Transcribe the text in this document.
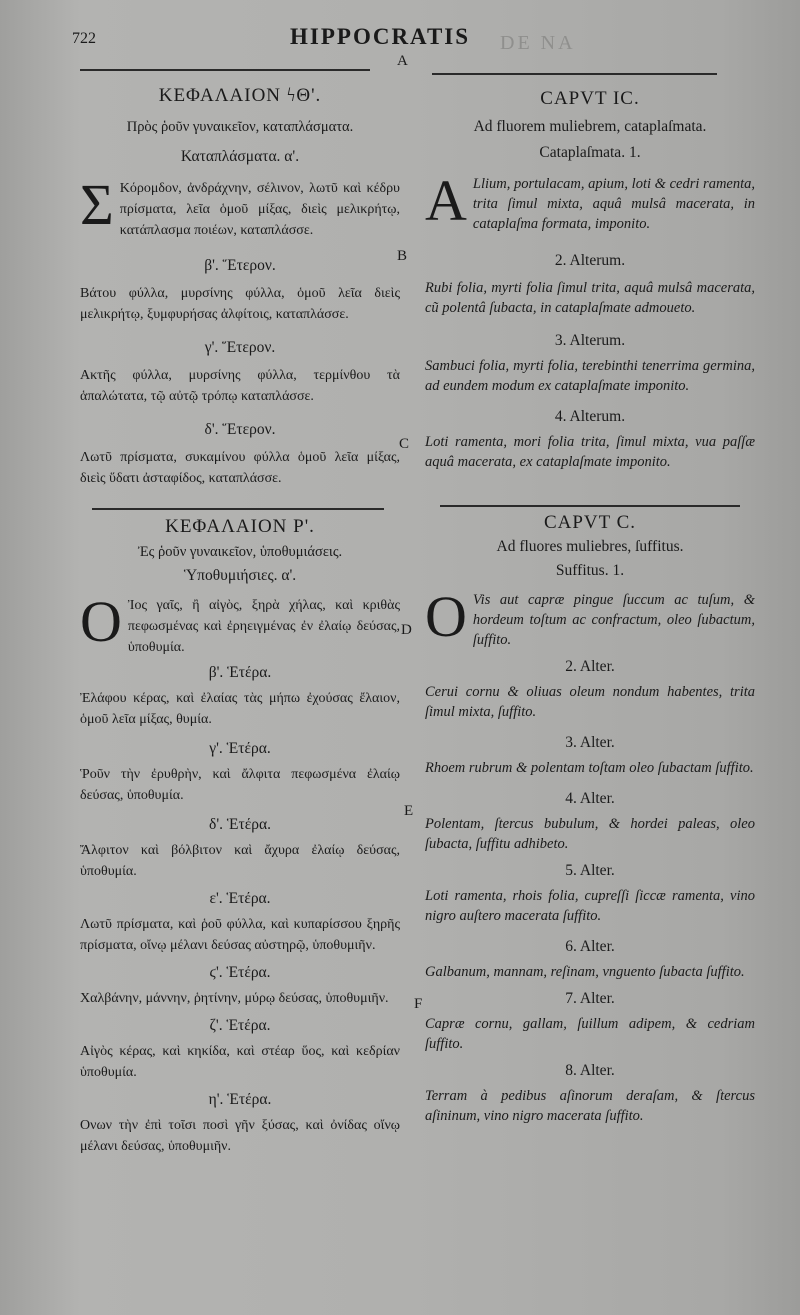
722	HIPPOCRATIS DE NA
A
B
C
D
E
F
ΚΕΦΑΛΑΙΟΝ ϟΘ'.
Πρὸς ῥοῦν γυναικεῖον, καταπλάσματα.
Καταπλάσματα. α'.
Σ Κόρομδον, ἀνδράχνην, σέλινον, λωτῦ καὶ κέδρυ πρίσματα, λεῖα ὁμοῦ μίξας, διεὶς μελικρήτῳ, κατάπλασμα ποιέων, καταπλάσσε.
β'. Ἕτερον.
Βάτου φύλλα, μυρσίνης φύλλα, ὁμοῦ λεῖα διεὶς μελικρήτῳ, ξυμφυρήσας ἀλφίτοις, καταπλάσσε.
γ'. Ἕτερον.
Ακτῆς φύλλα, μυρσίνης φύλλα, τερμίνθου τὰ ἁπαλώτατα, τῷ αὐτῷ τρόπῳ καταπλάσσε.
δ'. Ἕτερον.
Λωτῦ πρίσματα, συκαμίνου φύλλα ὁμοῦ λεῖα μίξας, διεὶς ὕδατι ἀσταφίδος, καταπλάσσε.
ΚΕΦΑΛΑΙΟΝ Ρ'.
Ἐς ῥοῦν γυναικεῖον, ὑποθυμιάσεις.
Ὑποθυμιήσιες. α'.
Ο Ἰος γαῖς, ἢ αἰγὸς, ξηρὰ χήλας, καὶ κριθὰς πεφωσμένας καὶ ἐρηειγμένας ἐν ἐλαίῳ δεύσας, ὑποθυμία.
β'. Ἑτέρα.
Ἐλάφου κέρας, καὶ ἐλαίας τὰς μήπω ἐχούσας ἔλαιον, ὁμοῦ λεῖα μίξας, θυμία.
γ'. Ἑτέρα.
Ῥοῦν τὴν ἐρυθρὴν, καὶ ἄλφιτα πεφωσμένα ἐλαίῳ δεύσας, ὑποθυμία.
δ'. Ἑτέρα.
Ἄλφιτον καὶ βόλβιτον καὶ ἄχυρα ἐλαίῳ δεύσας, ὑποθυμία.
ε'. Ἑτέρα.
Λωτῦ πρίσματα, καὶ ῥοῦ φύλλα, καὶ κυπαρίσσου ξηρῆς πρίσματα, οἴνῳ μέλανι δεύσας αὐστηρῷ, ὑποθυμιῆν.
ϛ'. Ἑτέρα.
Χαλβάνην, μάννην, ῥητίνην, μύρῳ δεύσας, ὑποθυμιῆν.
ζ'. Ἑτέρα.
Αἰγὸς κέρας, καὶ κηκίδα, καὶ στέαρ ὕος, καὶ κεδρίαν ὑποθυμία.
η'. Ἑτέρα.
Ονων τὴν ἐπὶ τοῖσι ποσὶ γῆν ξύσας, καὶ ὀνίδας οἴνῳ μέλανι δεύσας, ὑποθυμιῆν.
CAPVT IC.
Ad fluorem muliebrem, cataplaſmata.
Cataplaſmata. 1.
A Llium, portulacam, apium, loti & cedri ramenta, trita ſimul mixta, aquâ mulsâ macerata, in cataplaſma formata, imponito.
2. Alterum.
Rubi folia, myrti folia ſimul trita, aquâ mulsâ macerata, cũ polentâ ſubacta, in cataplaſmate admoueto.
3. Alterum.
Sambuci folia, myrti folia, terebinthi tenerrima germina, ad eundem modum ex cataplaſmate imponito.
4. Alterum.
Loti ramenta, mori folia trita, ſimul mixta, vua paſſæ aquâ macerata, ex cataplaſmate imponito.
CAPVT C.
Ad fluores muliebres, ſuffitus.
Suffitus. 1.
O Vis aut capræ pingue ſuccum ac tuſum, & hordeum toſtum ac confractum, oleo ſubactum, ſuffito.
2. Alter.
Cerui cornu & oliuas oleum nondum habentes, trita ſimul mixta, ſuffito.
3. Alter.
Rhoem rubrum & polentam toſtam oleo ſubactam ſuffito.
4. Alter.
Polentam, ſtercus bubulum, & hordei paleas, oleo ſubacta, ſuffitu adhibeto.
5. Alter.
Loti ramenta, rhois folia, cupreſſi ſiccæ ramenta, vino nigro auſtero macerata ſuffito.
6. Alter.
Galbanum, mannam, reſinam, vnguento ſubacta ſuffito.
7. Alter.
Capræ cornu, gallam, ſuillum adipem, & cedriam ſuffito.
8. Alter.
Terram à pedibus aſinorum deraſam, & ſtercus aſininum, vino nigro macerata ſuffito.
